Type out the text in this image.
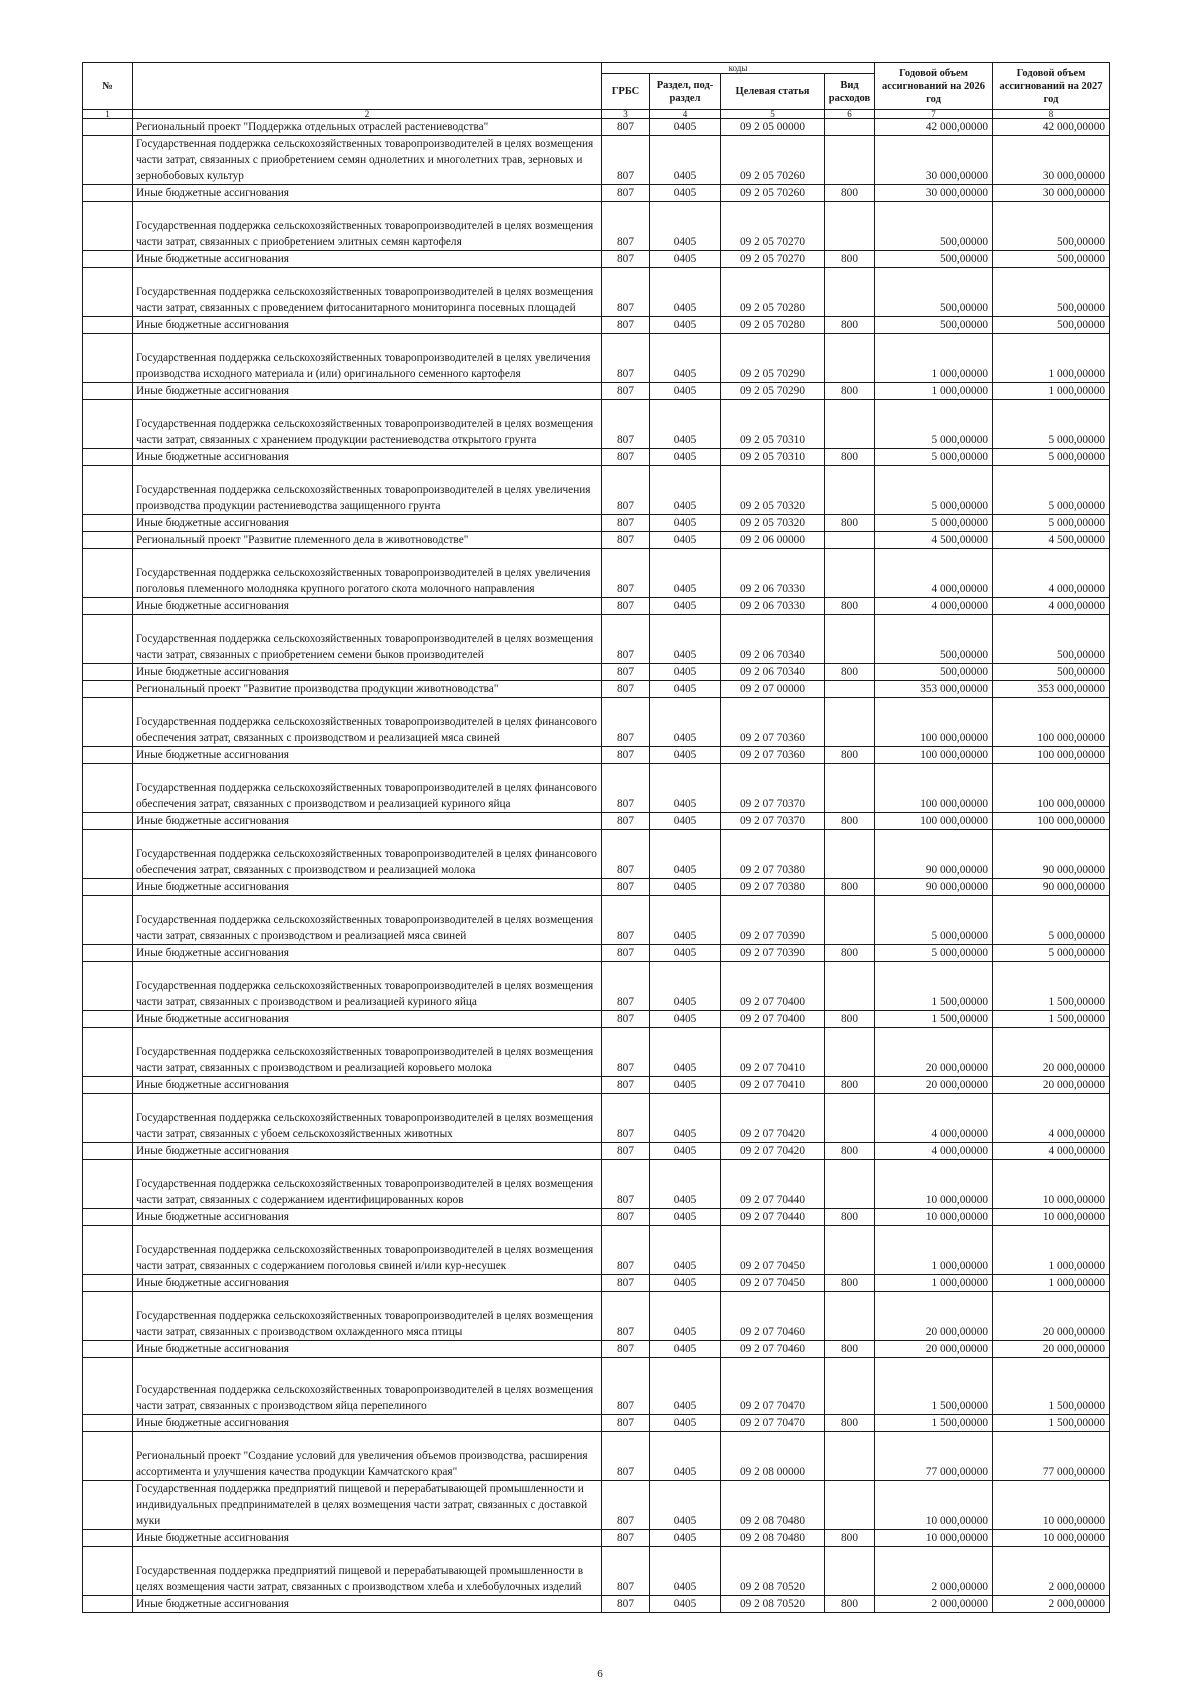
№		коды				Годовой объем ассигнований на 2026 год	Годовой объем ассигнований на 2027 год
		ГРБС	Раздел, под-раздел	Целевая статья	Вид расходов		
1	2	3	4	5	6	7	8
	Региональный проект "Поддержка отдельных отраслей растениеводства"	807	0405	09 2 05 00000		42 000,00000	42 000,00000
	Государственная поддержка сельскохозяйственных товаропроизводителей в целях возмещения части затрат, связанных с приобретением семян однолетних и многолетних трав, зерновых и зернобобовых культур	807	0405	09 2 05 70260		30 000,00000	30 000,00000
	Иные бюджетные ассигнования	807	0405	09 2 05 70260	800	30 000,00000	30 000,00000
	Государственная поддержка сельскохозяйственных товаропроизводителей в целях возмещения части затрат, связанных с приобретением элитных семян картофеля	807	0405	09 2 05 70270		500,00000	500,00000
	Иные бюджетные ассигнования	807	0405	09 2 05 70270	800	500,00000	500,00000
	Государственная поддержка сельскохозяйственных товаропроизводителей в целях возмещения части затрат, связанных с проведением фитосанитарного мониторинга посевных площадей	807	0405	09 2 05 70280		500,00000	500,00000
	Иные бюджетные ассигнования	807	0405	09 2 05 70280	800	500,00000	500,00000
	Государственная поддержка сельскохозяйственных товаропроизводителей в целях увеличения производства исходного материала и (или) оригинального семенного картофеля	807	0405	09 2 05 70290		1 000,00000	1 000,00000
	Иные бюджетные ассигнования	807	0405	09 2 05 70290	800	1 000,00000	1 000,00000
	Государственная поддержка сельскохозяйственных товаропроизводителей в целях возмещения части затрат, связанных с хранением продукции растениеводства открытого грунта	807	0405	09 2 05 70310		5 000,00000	5 000,00000
	Иные бюджетные ассигнования	807	0405	09 2 05 70310	800	5 000,00000	5 000,00000
	Государственная поддержка сельскохозяйственных товаропроизводителей в целях увеличения производства продукции растениеводства защищенного грунта	807	0405	09 2 05 70320		5 000,00000	5 000,00000
	Иные бюджетные ассигнования	807	0405	09 2 05 70320	800	5 000,00000	5 000,00000
	Региональный проект "Развитие племенного дела в животноводстве"	807	0405	09 2 06 00000		4 500,00000	4 500,00000
	Государственная поддержка сельскохозяйственных товаропроизводителей в целях увеличения поголовья племенного молодняка крупного рогатого скота молочного направления	807	0405	09 2 06 70330		4 000,00000	4 000,00000
	Иные бюджетные ассигнования	807	0405	09 2 06 70330	800	4 000,00000	4 000,00000
	Государственная поддержка сельскохозяйственных товаропроизводителей в целях возмещения части затрат, связанных с приобретением семени быков производителей	807	0405	09 2 06 70340		500,00000	500,00000
	Иные бюджетные ассигнования	807	0405	09 2 06 70340	800	500,00000	500,00000
	Региональный проект "Развитие производства продукции животноводства"	807	0405	09 2 07 00000		353 000,00000	353 000,00000
	Государственная поддержка сельскохозяйственных товаропроизводителей в целях финансового обеспечения затрат, связанных с производством и реализацией мяса свиней	807	0405	09 2 07 70360		100 000,00000	100 000,00000
	Иные бюджетные ассигнования	807	0405	09 2 07 70360	800	100 000,00000	100 000,00000
	Государственная поддержка сельскохозяйственных товаропроизводителей в целях финансового обеспечения затрат, связанных с производством и реализацией куриного яйца	807	0405	09 2 07 70370		100 000,00000	100 000,00000
	Иные бюджетные ассигнования	807	0405	09 2 07 70370	800	100 000,00000	100 000,00000
	Государственная поддержка сельскохозяйственных товаропроизводителей в целях финансового обеспечения затрат, связанных с производством и реализацией молока	807	0405	09 2 07 70380		90 000,00000	90 000,00000
	Иные бюджетные ассигнования	807	0405	09 2 07 70380	800	90 000,00000	90 000,00000
	Государственная поддержка сельскохозяйственных товаропроизводителей в целях возмещения части затрат, связанных с производством и реализацией мяса свиней	807	0405	09 2 07 70390		5 000,00000	5 000,00000
	Иные бюджетные ассигнования	807	0405	09 2 07 70390	800	5 000,00000	5 000,00000
	Государственная поддержка сельскохозяйственных товаропроизводителей в целях возмещения части затрат, связанных с производством и реализацией куриного яйца	807	0405	09 2 07 70400		1 500,00000	1 500,00000
	Иные бюджетные ассигнования	807	0405	09 2 07 70400	800	1 500,00000	1 500,00000
	Государственная поддержка сельскохозяйственных товаропроизводителей в целях возмещения части затрат, связанных с производством и реализацией коровьего молока	807	0405	09 2 07 70410		20 000,00000	20 000,00000
	Иные бюджетные ассигнования	807	0405	09 2 07 70410	800	20 000,00000	20 000,00000
	Государственная поддержка сельскохозяйственных товаропроизводителей в целях возмещения части затрат, связанных с убоем сельскохозяйственных животных	807	0405	09 2 07 70420		4 000,00000	4 000,00000
	Иные бюджетные ассигнования	807	0405	09 2 07 70420	800	4 000,00000	4 000,00000
	Государственная поддержка сельскохозяйственных товаропроизводителей в целях возмещения части затрат, связанных с содержанием идентифицированных коров	807	0405	09 2 07 70440		10 000,00000	10 000,00000
	Иные бюджетные ассигнования	807	0405	09 2 07 70440	800	10 000,00000	10 000,00000
	Государственная поддержка сельскохозяйственных товаропроизводителей в целях возмещения части затрат, связанных с содержанием поголовья свиней и/или кур-несушек	807	0405	09 2 07 70450		1 000,00000	1 000,00000
	Иные бюджетные ассигнования	807	0405	09 2 07 70450	800	1 000,00000	1 000,00000
	Государственная поддержка сельскохозяйственных товаропроизводителей в целях возмещения части затрат, связанных с производством охлажденного мяса птицы	807	0405	09 2 07 70460		20 000,00000	20 000,00000
	Иные бюджетные ассигнования	807	0405	09 2 07 70460	800	20 000,00000	20 000,00000
	Государственная поддержка сельскохозяйственных товаропроизводителей в целях возмещения части затрат, связанных с производством яйца перепелиного	807	0405	09 2 07 70470		1 500,00000	1 500,00000
	Иные бюджетные ассигнования	807	0405	09 2 07 70470	800	1 500,00000	1 500,00000
	Региональный проект "Создание условий для увеличения объемов производства, расширения ассортимента и улучшения качества продукции Камчатского края"	807	0405	09 2 08 00000		77 000,00000	77 000,00000
	Государственная поддержка предприятий пищевой и перерабатывающей промышленности и индивидуальных предпринимателей в целях возмещения части затрат, связанных с доставкой муки	807	0405	09 2 08 70480		10 000,00000	10 000,00000
	Иные бюджетные ассигнования	807	0405	09 2 08 70480	800	10 000,00000	10 000,00000
	Государственная поддержка предприятий пищевой и перерабатывающей промышленности в целях возмещения части затрат, связанных с производством хлеба и хлебобулочных изделий	807	0405	09 2 08 70520		2 000,00000	2 000,00000
	Иные бюджетные ассигнования	807	0405	09 2 08 70520	800	2 000,00000	2 000,00000
6
